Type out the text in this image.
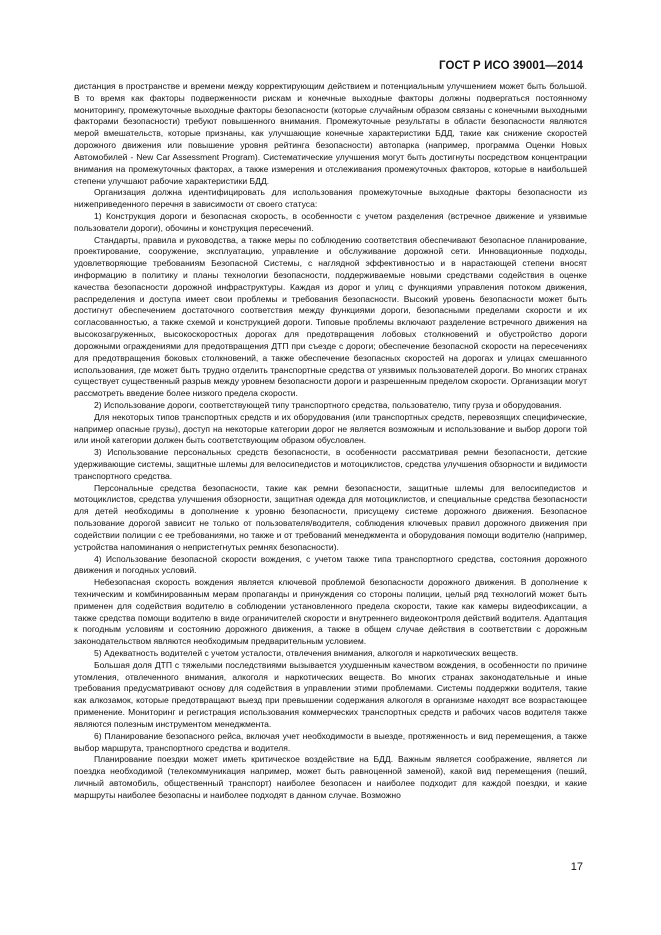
ГОСТ Р ИСО 39001—2014

дистанция в пространстве и времени между корректирующим действием и потенциальным улучшением может быть большой. В то время как факторы подверженности рискам и конечные выходные факторы должны подвергаться постоянному мониторингу, промежуточные выходные факторы безопасности (которые случайным образом связаны с конечными выходными факторами безопасности) требуют повышенного внимания. Промежуточные результаты в области безопасности являются мерой вмешательств, которые признаны, как улучшающие конечные характеристики БДД, такие как снижение скоростей дорожного движения или повышение уровня рейтинга безопасности) автопарка (например, программа Оценки Новых Автомобилей - New Car Assessment Program). Систематические улучшения могут быть достигнуты посредством концентрации внимания на промежуточных факторах, а также измерения и отслеживания промежуточных факторов, которые в наибольшей степени улучшают рабочие характеристики БДД.

Организация должна идентифицировать для использования промежуточные выходные факторы безопасности из нижеприведенного перечня в зависимости от своего статуса:

1) Конструкция дороги и безопасная скорость, в особенности с учетом разделения (встречное движение и уязвимые пользователи дороги), обочины и конструкция пересечений.

Стандарты, правила и руководства, а также меры по соблюдению соответствия обеспечивают безопасное планирование, проектирование, сооружение, эксплуатацию, управление и обслуживание дорожной сети. Инновационные подходы, удовлетворяющие требованиям Безопасной Системы, с наглядной эффективностью и в нарастающей степени вносят информацию в политику и планы технологии безопасности, поддерживаемые новыми средствами содействия в оценке качества безопасности дорожной инфраструктуры. Каждая из дорог и улиц с функциями управления потоком движения, распределения и доступа имеет свои проблемы и требования безопасности. Высокий уровень безопасности может быть достигнут обеспечением достаточного соответствия между функциями дороги, безопасными пределами скорости и их согласованностью, а также схемой и конструкцией дороги. Типовые проблемы включают разделение встречного движения на высокозагруженных, высокоскоростных дорогах для предотвращения лобовых столкновений и обустройство дороги дорожными ограждениями для предотвращения ДТП при съезде с дороги; обеспечение безопасной скорости на пересечениях для предотвращения боковых столкновений, а также обеспечение безопасных скоростей на дорогах и улицах смешанного использования, где может быть трудно отделить транспортные средства от уязвимых пользователей дороги. Во многих странах существует существенный разрыв между уровнем безопасности дороги и разрешенным пределом скорости. Организации могут рассмотреть введение более низкого предела скорости.

2) Использование дороги, соответствующей типу транспортного средства, пользователю, типу груза и оборудования.

Для некоторых типов транспортных средств и их оборудования (или транспортных средств, перевозящих специфические, например опасные грузы), доступ на некоторые категории дорог не является возможным и использование и выбор дороги той или иной категории должен быть соответствующим образом обусловлен.

3) Использование персональных средств безопасности, в особенности рассматривая ремни безопасности, детские удерживающие системы, защитные шлемы для велосипедистов и мотоциклистов, средства улучшения обзорности и видимости транспортного средства.

Персональные средства безопасности, такие как ремни безопасности, защитные шлемы для велосипедистов и мотоциклистов, средства улучшения обзорности, защитная одежда для мотоциклистов, и специальные средства безопасности для детей необходимы в дополнение к уровню безопасности, присущему системе дорожного движения. Безопасное пользование дорогой зависит не только от пользователя/водителя, соблюдения ключевых правил дорожного движения при содействии полиции с ее требованиями, но также и от требований менеджмента и оборудования помощи водителю (например, устройства напоминания о непристегнутых ремнях безопасности).

4) Использование безопасной скорости вождения, с учетом также типа транспортного средства, состояния дорожного движения и погодных условий.

Небезопасная скорость вождения является ключевой проблемой безопасности дорожного движения. В дополнение к техническим и комбинированным мерам пропаганды и принуждения со стороны полиции, целый ряд технологий может быть применен для содействия водителю в соблюдении установленного предела скорости, такие как камеры видеофиксации, а также средства помощи водителю в виде ограничителей скорости и внутреннего видеоконтроля действий водителя. Адаптация к погодным условиям и состоянию дорожного движения, а также в общем случае действия в соответствии с дорожным законодательством являются необходимым предварительным условием.

5) Адекватность водителей с учетом усталости, отвлечения внимания, алкоголя и наркотических веществ.

Большая доля ДТП с тяжелыми последствиями вызывается ухудшенным качеством вождения, в особенности по причине утомления, отвлеченного внимания, алкоголя и наркотических веществ. Во многих странах законодательные и иные требования предусматривают основу для содействия в управлении этими проблемами. Системы поддержки водителя, такие как алкозамок, которые предотвращают выезд при превышении содержания алкоголя в организме находят все возрастающее применение. Мониторинг и регистрация использования коммерческих транспортных средств и рабочих часов водителя также являются полезным инструментом менеджмента.

6) Планирование безопасного рейса, включая учет необходимости в выезде, протяженность и вид перемещения, а также выбор маршрута, транспортного средства и водителя.

Планирование поездки может иметь критическое воздействие на БДД. Важным является соображение, является ли поездка необходимой (телекоммуникация например, может быть равноценной заменой), какой вид перемещения (пеший, личный автомобиль, общественный транспорт) наиболее безопасен и наиболее подходит для каждой поездки, и какие маршруты наиболее безопасны и наиболее подходят в данном случае. Возможно

17
